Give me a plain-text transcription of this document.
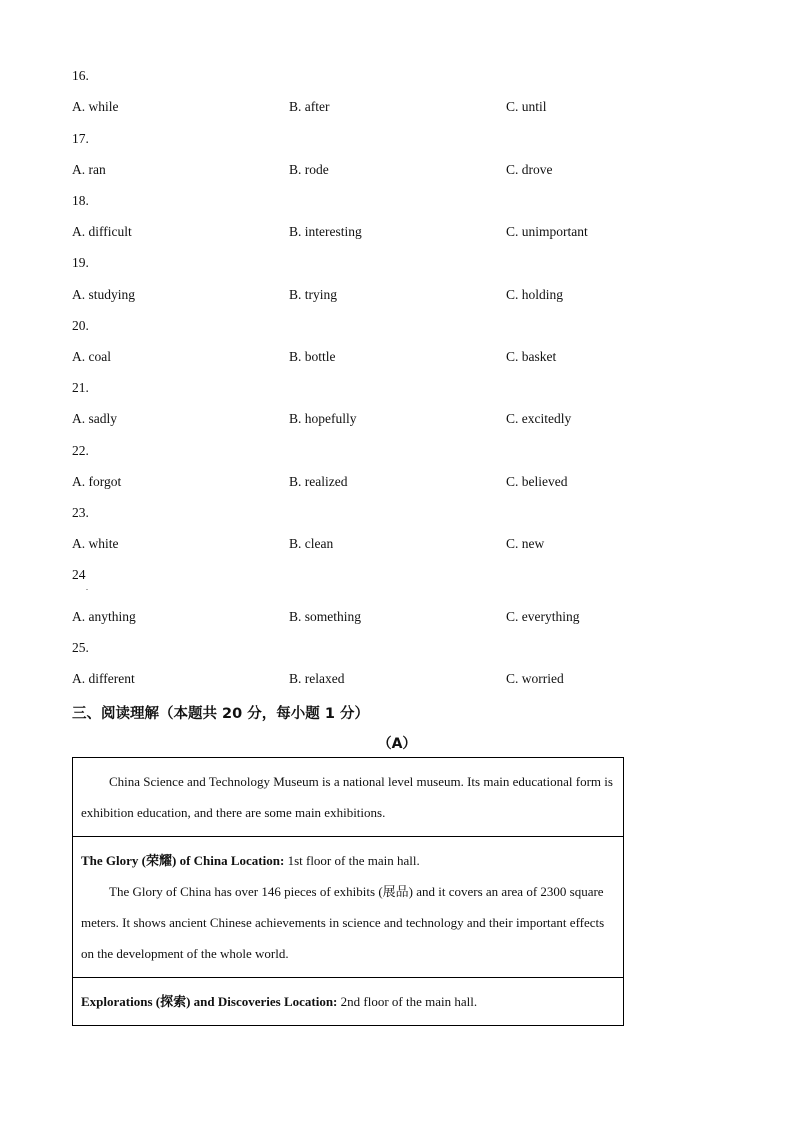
16.
A. while	B. after	C. until
17.
A. ran	B. rode	C. drove
18.
A. difficult	B. interesting	C. unimportant
19.
A. studying	B. trying	C. holding
20.
A. coal	B. bottle	C. basket
21.
A. sadly	B. hopefully	C. excitedly
22.
A. forgot	B. realized	C. believed
23.
A. white	B. clean	C. new
24
.
A. anything	B. something	C. everything
25.
A. different	B. relaxed	C. worried
三、阅读理解（本题共 20 分，每小题 1 分）
（A）
China Science and Technology Museum is a national level museum. Its main educational form is exhibition education, and there are some main exhibitions.
The Glory (荣耀) of China Location: 1st floor of the main hall.
The Glory of China has over 146 pieces of exhibits (展品) and it covers an area of 2300 square meters. It shows ancient Chinese achievements in science and technology and their important effects on the development of the whole world.
Explorations (探索) and Discoveries Location: 2nd floor of the main hall.
